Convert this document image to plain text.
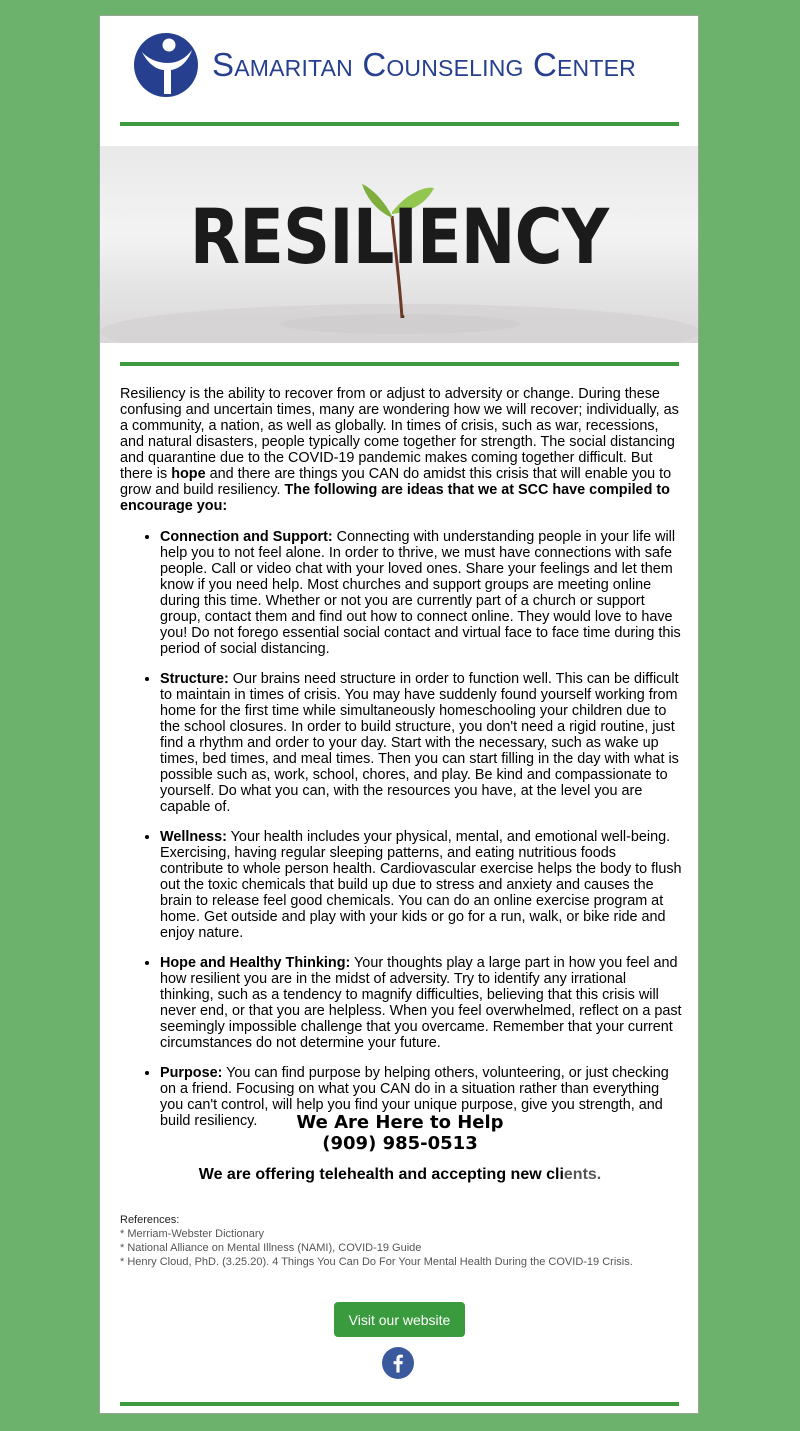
Samaritan Counseling Center
RESILIENCY

Resiliency is the ability to recover from or adjust to adversity or change. During these confusing and uncertain times, many are wondering how we will recover; individually, as a community, a nation, as well as globally. In times of crisis, such as war, recessions, and natural disasters, people typically come together for strength. The social distancing and quarantine due to the COVID-19 pandemic makes coming together difficult. But there is hope and there are things you CAN do amidst this crisis that will enable you to grow and build resiliency. The following are ideas that we at SCC have compiled to encourage you:

• Connection and Support: Connecting with understanding people in your life will help you to not feel alone. In order to thrive, we must have connections with safe people. Call or video chat with your loved ones. Share your feelings and let them know if you need help. Most churches and support groups are meeting online during this time. Whether or not you are currently part of a church or support group, contact them and find out how to connect online. They would love to have you! Do not forego essential social contact and virtual face to face time during this period of social distancing.
• Structure: Our brains need structure in order to function well. This can be difficult to maintain in times of crisis. You may have suddenly found yourself working from home for the first time while simultaneously homeschooling your children due to the school closures. In order to build structure, you don't need a rigid routine, just find a rhythm and order to your day. Start with the necessary, such as wake up times, bed times, and meal times. Then you can start filling in the day with what is possible such as, work, school, chores, and play. Be kind and compassionate to yourself. Do what you can, with the resources you have, at the level you are capable of.
• Wellness: Your health includes your physical, mental, and emotional well-being. Exercising, having regular sleeping patterns, and eating nutritious foods contribute to whole person health. Cardiovascular exercise helps the body to flush out the toxic chemicals that build up due to stress and anxiety and causes the brain to release feel good chemicals. You can do an online exercise program at home. Get outside and play with your kids or go for a run, walk, or bike ride and enjoy nature.
• Hope and Healthy Thinking: Your thoughts play a large part in how you feel and how resilient you are in the midst of adversity. Try to identify any irrational thinking, such as a tendency to magnify difficulties, believing that this crisis will never end, or that you are helpless. When you feel overwhelmed, reflect on a past seemingly impossible challenge that you overcame. Remember that your current circumstances do not determine your future.
• Purpose: You can find purpose by helping others, volunteering, or just checking on a friend. Focusing on what you CAN do in a situation rather than everything you can't control, will help you find your unique purpose, give you strength, and build resiliency.	We Are Here to Help
(909) 985-0513
We are offering telehealth and accepting new clients.
References:
* Merriam-Webster Dictionary
* National Alliance on Mental Illness (NAMI), COVID-19 Guide
* Henry Cloud, PhD. (3.25.20). 4 Things You Can Do For Your Mental Health During the COVID-19 Crisis.
Visit our website
